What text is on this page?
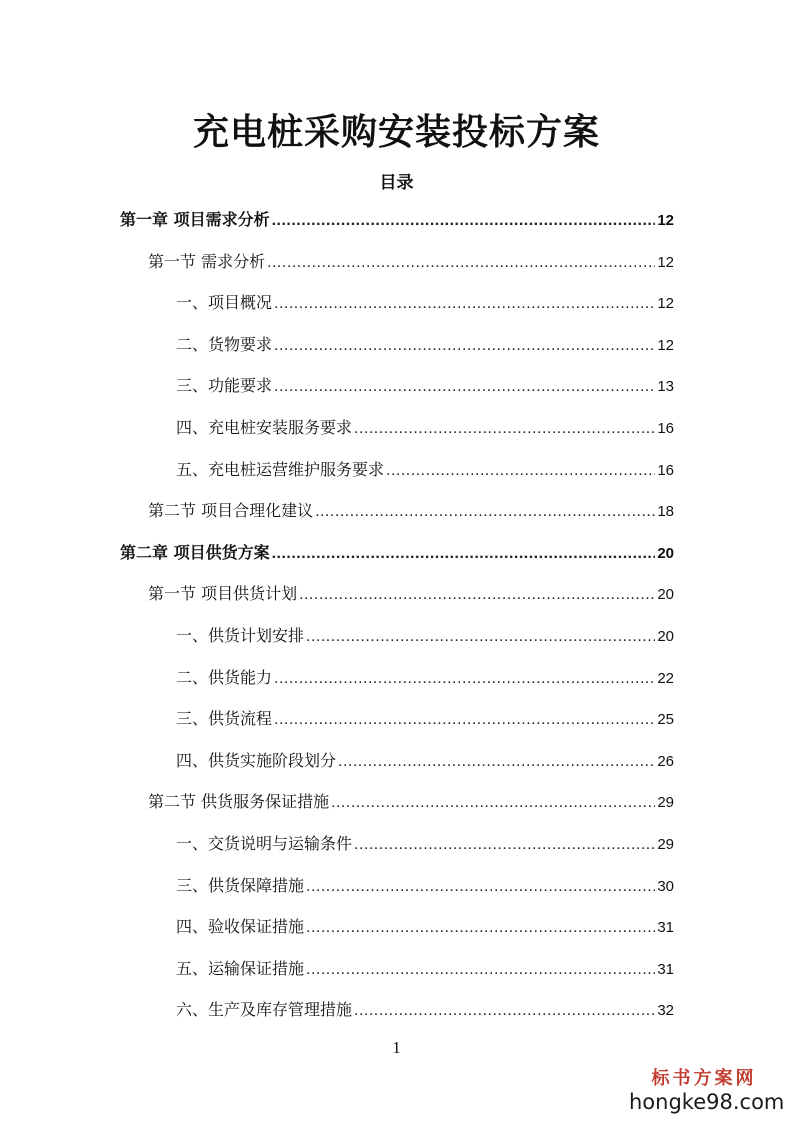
充电桩采购安装投标方案
目录
第一章 项目需求分析 .....	12
第一节 需求分析 .....	12
一、项目概况 .....	12
二、货物要求 .....	12
三、功能要求 .....	13
四、充电桩安装服务要求 .....	16
五、充电桩运营维护服务要求 .....	16
第二节 项目合理化建议 .....	18
第二章 项目供货方案 .....	20
第一节 项目供货计划 .....	20
一、供货计划安排 .....	20
二、供货能力 .....	22
三、供货流程 .....	25
四、供货实施阶段划分 .....	26
第二节 供货服务保证措施 .....	29
一、交货说明与运输条件 .....	29
三、供货保障措施 .....	30
四、验收保证措施 .....	31
五、运输保证措施 .....	31
六、生产及库存管理措施 .....	32
1
标书方案网
hongke98.com
